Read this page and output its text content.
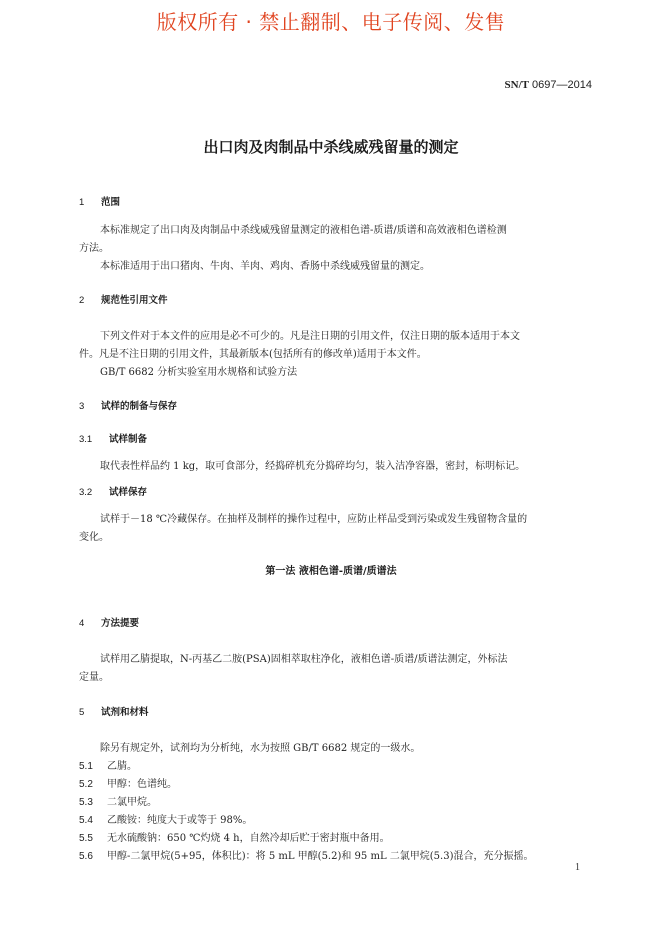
版权所有 · 禁止翻制、电子传阅、发售
SN/T 0697—2014
出口肉及肉制品中杀线威残留量的测定
1 范围
本标准规定了出口肉及肉制品中杀线威残留量测定的液相色谱-质谱/质谱和高效液相色谱检测
方法。
本标准适用于出口猪肉、牛肉、羊肉、鸡肉、香肠中杀线威残留量的测定。
2 规范性引用文件
下列文件对于本文件的应用是必不可少的。凡是注日期的引用文件，仅注日期的版本适用于本文
件。凡是不注日期的引用文件，其最新版本(包括所有的修改单)适用于本文件。
GB/T 6682 分析实验室用水规格和试验方法
3 试样的制备与保存
3.1 试样制备
取代表性样品约 1 kg，取可食部分，经捣碎机充分捣碎均匀，装入洁净容器，密封，标明标记。
3.2 试样保存
试样于－18 ℃冷藏保存。在抽样及制样的操作过程中，应防止样品受到污染或发生残留物含量的
变化。
第一法 液相色谱-质谱/质谱法
4 方法提要
试样用乙腈提取，N-丙基乙二胺(PSA)固相萃取柱净化，液相色谱-质谱/质谱法测定，外标法
定量。
5 试剂和材料
除另有规定外，试剂均为分析纯，水为按照 GB/T 6682 规定的一级水。
5.1 乙腈。
5.2 甲醇：色谱纯。
5.3 二氯甲烷。
5.4 乙酸铵：纯度大于或等于 98%。
5.5 无水硫酸钠：650 ℃灼烧 4 h，自然冷却后贮于密封瓶中备用。
5.6 甲醇-二氯甲烷(5+95，体积比)：将 5 mL 甲醇(5.2)和 95 mL 二氯甲烷(5.3)混合，充分振摇。
1
